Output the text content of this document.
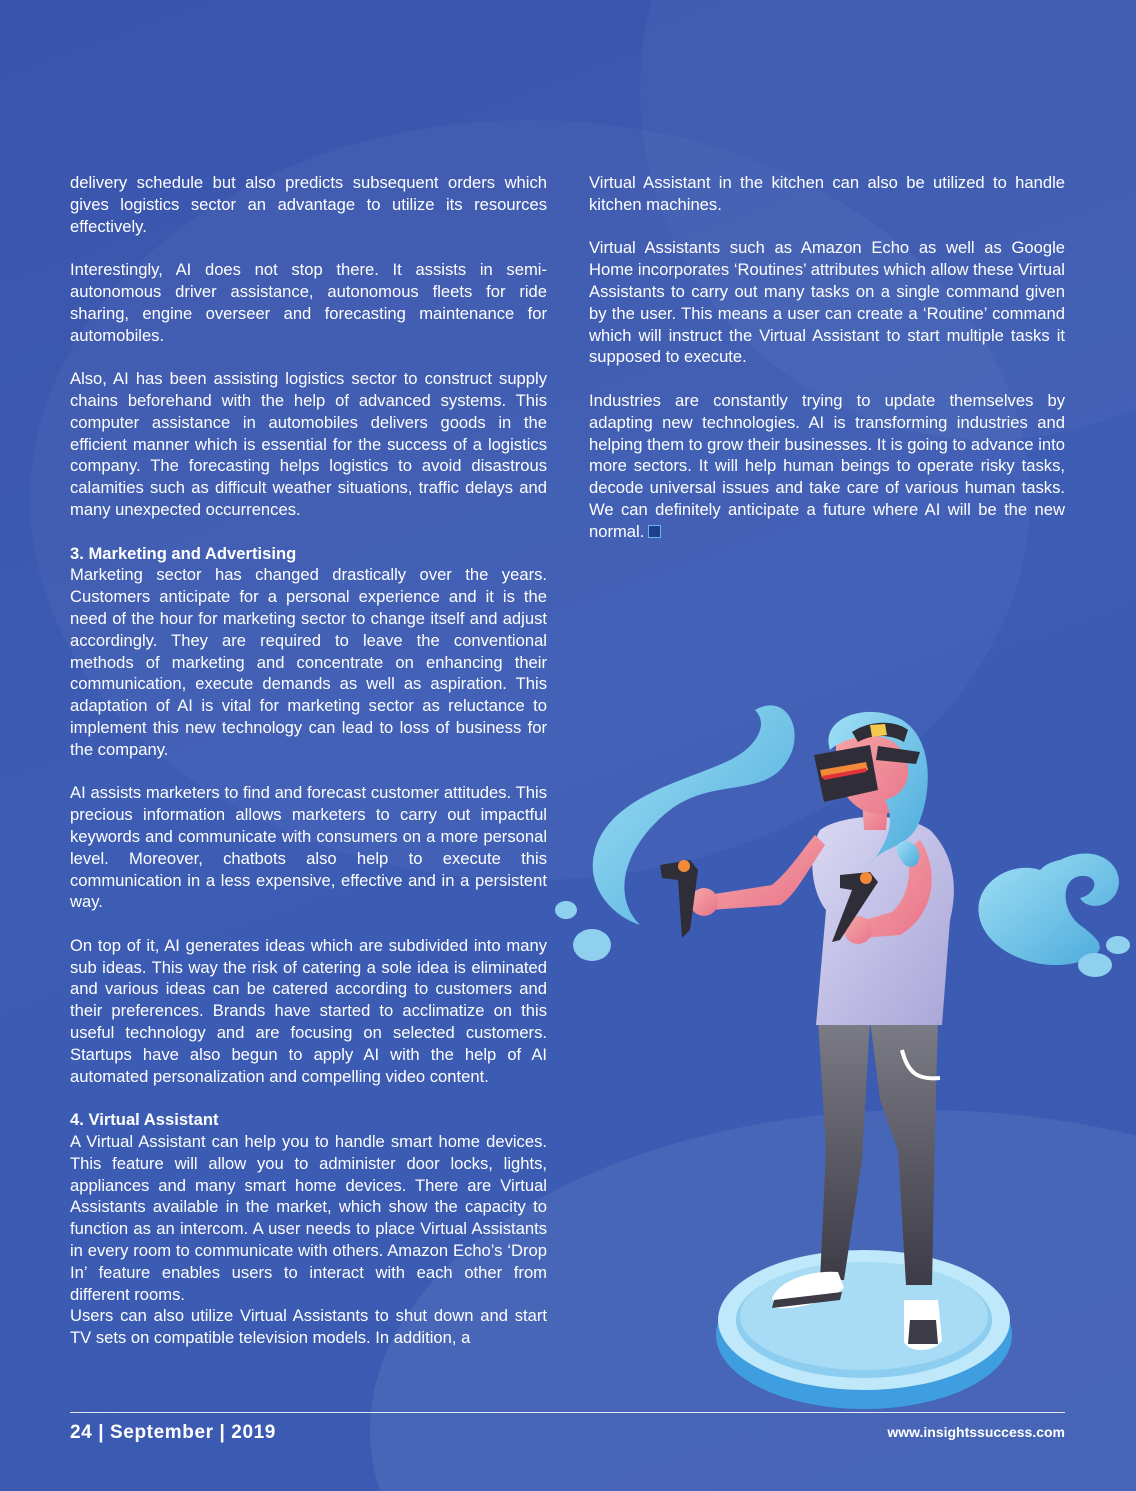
delivery schedule but also predicts subsequent orders which gives logistics sector an advantage to utilize its resources effectively.

Interestingly, AI does not stop there. It assists in semi-autonomous driver assistance, autonomous fleets for ride sharing, engine overseer and forecasting maintenance for automobiles.

Also, AI has been assisting logistics sector to construct supply chains beforehand with the help of advanced systems. This computer assistance in automobiles delivers goods in the efficient manner which is essential for the success of a logistics company. The forecasting helps logistics to avoid disastrous calamities such as difficult weather situations, traffic delays and many unexpected occurrences.

3. Marketing and Advertising

Marketing sector has changed drastically over the years. Customers anticipate for a personal experience and it is the need of the hour for marketing sector to change itself and adjust accordingly. They are required to leave the conventional methods of marketing and concentrate on enhancing their communication, execute demands as well as aspiration. This adaptation of AI is vital for marketing sector as reluctance to implement this new technology can lead to loss of business for the company.

AI assists marketers to find and forecast customer attitudes. This precious information allows marketers to carry out impactful keywords and communicate with consumers on a more personal level. Moreover, chatbots also help to execute this communication in a less expensive, effective and in a persistent way.

On top of it, AI generates ideas which are subdivided into many sub ideas. This way the risk of catering a sole idea is eliminated and various ideas can be catered according to customers and their preferences. Brands have started to acclimatize on this useful technology and are focusing on selected customers. Startups have also begun to apply AI with the help of AI automated personalization and compelling video content.

4. Virtual Assistant

A Virtual Assistant can help you to handle smart home devices. This feature will allow you to administer door locks, lights, appliances and many smart home devices. There are Virtual Assistants available in the market, which show the capacity to function as an intercom. A user needs to place Virtual Assistants in every room to communicate with others. Amazon Echo’s ‘Drop In’ feature enables users to interact with each other from different rooms.

Users can also utilize Virtual Assistants to shut down and start TV sets on compatible television models. In addition, a

Virtual Assistant in the kitchen can also be utilized to handle kitchen machines.

Virtual Assistants such as Amazon Echo as well as Google Home incorporates ‘Routines’ attributes which allow these Virtual Assistants to carry out many tasks on a single command given by the user. This means a user can create a ‘Routine’ command which will instruct the Virtual Assistant to start multiple tasks it supposed to execute.

Industries are constantly trying to update themselves by adapting new technologies. AI is transforming industries and helping them to grow their businesses. It is going to advance into more sectors. It will help human beings to operate risky tasks, decode universal issues and take care of various human tasks. We can definitely anticipate a future where AI will be the new normal.

24 | September | 2019	www.insightssuccess.com
